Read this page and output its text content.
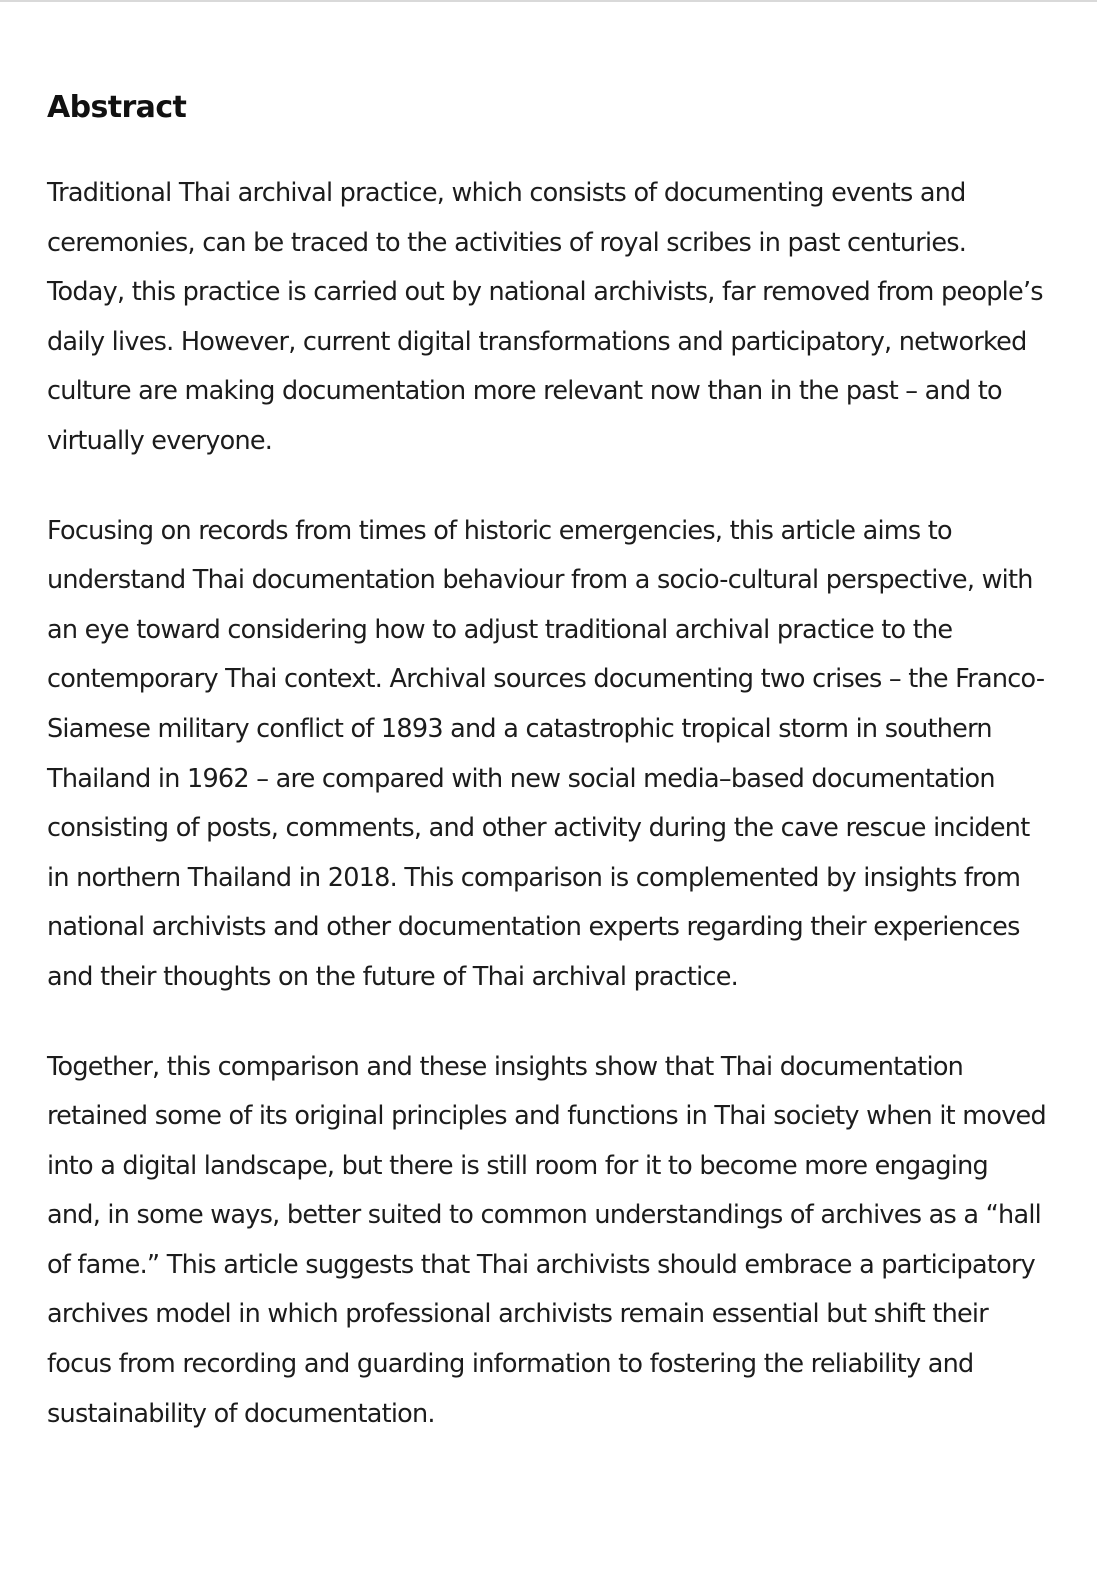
Abstract

Traditional Thai archival practice, which consists of documenting events and ceremonies, can be traced to the activities of royal scribes in past centuries. Today, this practice is carried out by national archivists, far removed from people’s daily lives. However, current digital transformations and participatory, networked culture are making documentation more relevant now than in the past – and to virtually everyone.

Focusing on records from times of historic emergencies, this article aims to understand Thai documentation behaviour from a socio-cultural perspective, with an eye toward considering how to adjust traditional archival practice to the contemporary Thai context. Archival sources documenting two crises – the Franco-Siamese military conflict of 1893 and a catastrophic tropical storm in southern Thailand in 1962 – are compared with new social media–based documentation consisting of posts, comments, and other activity during the cave rescue incident in northern Thailand in 2018. This comparison is complemented by insights from national archivists and other documentation experts regarding their experiences and their thoughts on the future of Thai archival practice.

Together, this comparison and these insights show that Thai documentation retained some of its original principles and functions in Thai society when it moved into a digital landscape, but there is still room for it to become more engaging and, in some ways, better suited to common understandings of archives as a “hall of fame.” This article suggests that Thai archivists should embrace a participatory archives model in which professional archivists remain essential but shift their focus from recording and guarding information to fostering the reliability and sustainability of documentation.
